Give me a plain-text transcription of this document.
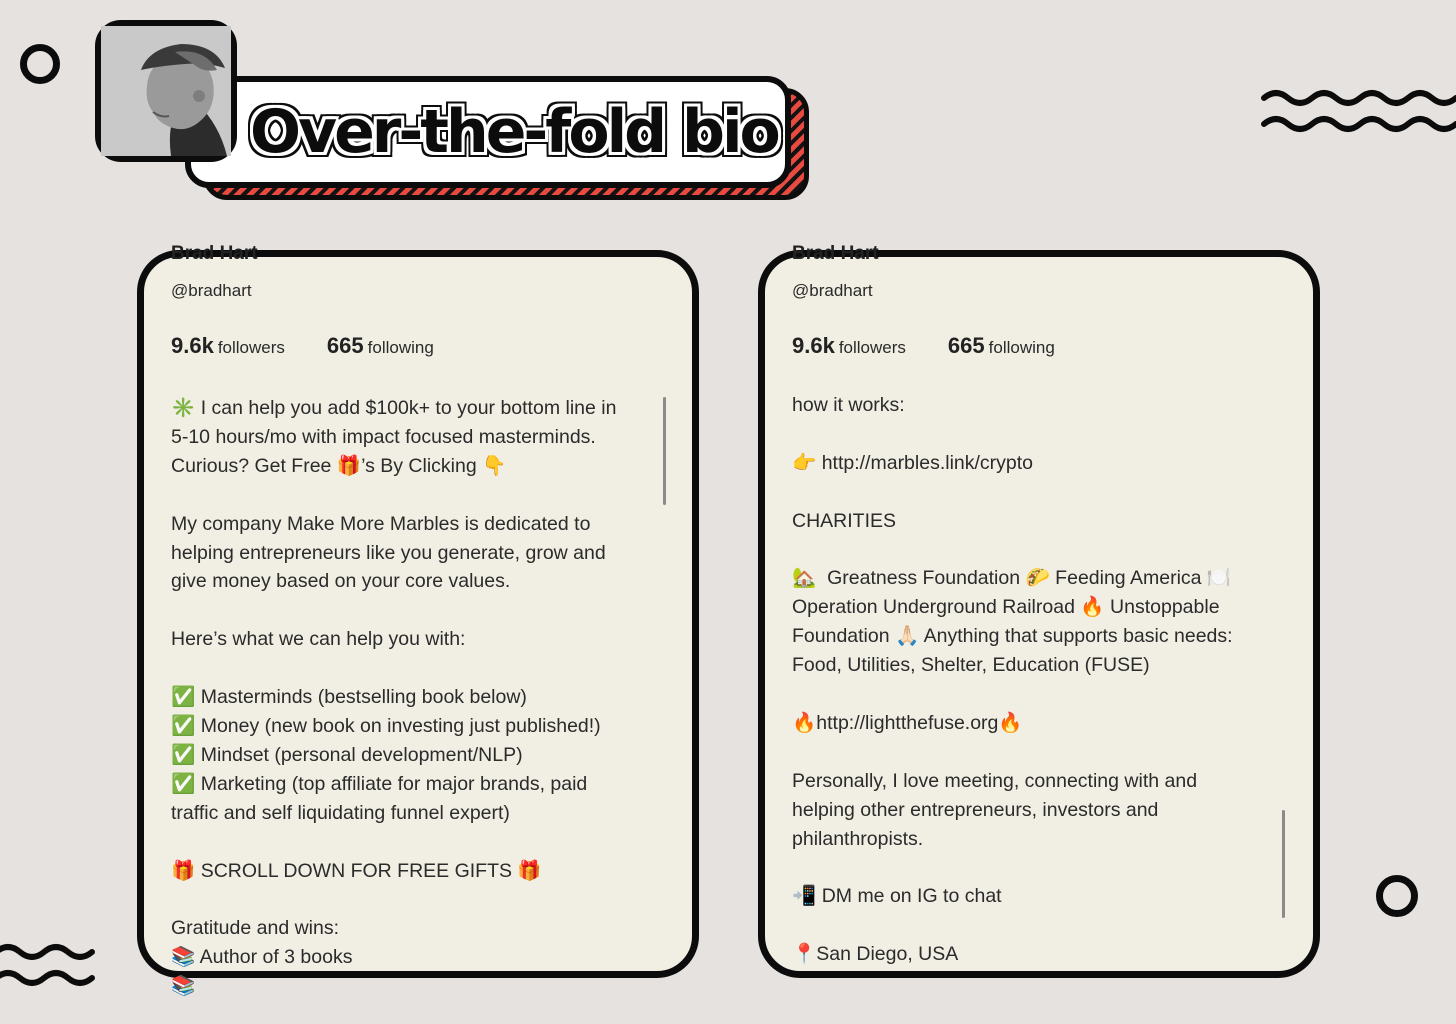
Over-the-fold bio
Brad Hart
@bradhart
9.6k followers 665 following

✳️ I can help you add $100k+ to your bottom line in
5-10 hours/mo with impact focused masterminds.
Curious? Get Free 🎁’s By Clicking 👇

My company Make More Marbles is dedicated to
helping entrepreneurs like you generate, grow and
give money based on your core values.

Here’s what we can help you with:

✅ Masterminds (bestselling book below)
✅ Money (new book on investing just published!)
✅ Mindset (personal development/NLP)
✅ Marketing (top affiliate for major brands, paid
traffic and self liquidating funnel expert)

🎁 SCROLL DOWN FOR FREE GIFTS 🎁

Gratitude and wins:
📚 Author of 3 books
📚

Brad Hart
@bradhart
9.6k followers 665 following

how it works:

👉 http://marbles.link/crypto

CHARITIES

🏡  Greatness Foundation 🌮 Feeding America 🍽️
Operation Underground Railroad 🔥 Unstoppable
Foundation 🙏🏻 Anything that supports basic needs:
Food, Utilities, Shelter, Education (FUSE)

🔥http://lightthefuse.org🔥

Personally, I love meeting, connecting with and
helping other entrepreneurs, investors and
philanthropists.

📲 DM me on IG to chat

📍San Diego, USA
